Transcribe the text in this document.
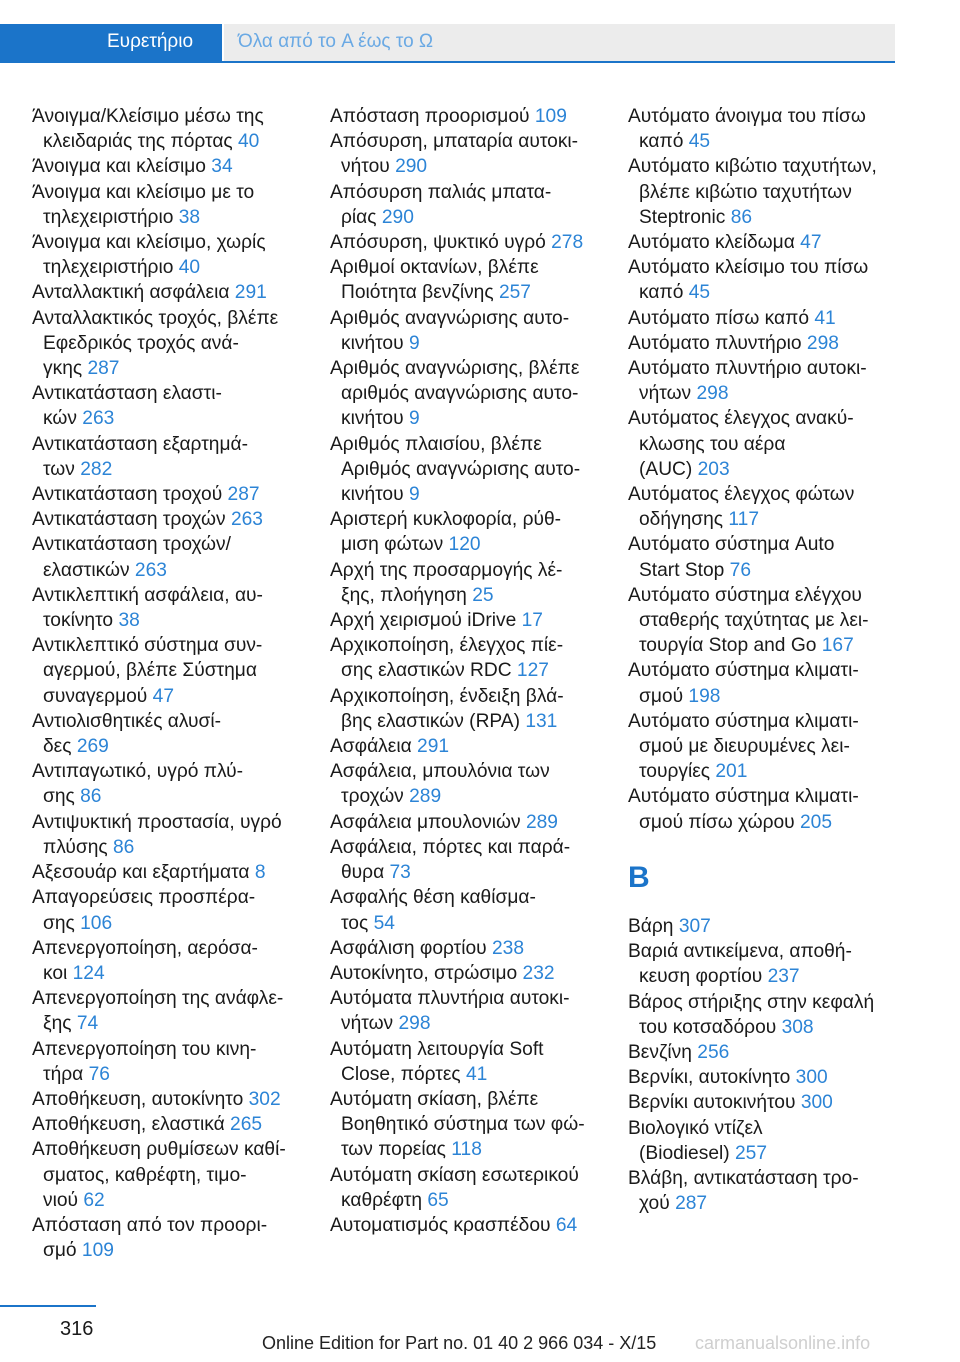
Ευρετήριο Όλα από το A έως το Ω
Άνοιγμα/Κλείσιμο μέσω της
κλειδαριάς της πόρτας 40
Άνοιγμα και κλείσιμο 34
Άνοιγμα και κλείσιμο με το
τηλεχειριστήριο 38
Άνοιγμα και κλείσιμο, χωρίς
τηλεχειριστήριο 40
Ανταλλακτική ασφάλεια 291
Ανταλλακτικός τροχός, βλέπε
Εφεδρικός τροχός ανά-
γκης 287
Αντικατάσταση ελαστι-
κών 263
Αντικατάσταση εξαρτημά-
των 282
Αντικατάσταση τροχού 287
Αντικατάσταση τροχών 263
Αντικατάσταση τροχών/
ελαστικών 263
Αντικλεπτική ασφάλεια, αυ-
τοκίνητο 38
Αντικλεπτικό σύστημα συν-
αγερμού, βλέπε Σύστημα
συναγερμού 47
Αντιολισθητικές αλυσί-
δες 269
Αντιπαγωτικό, υγρό πλύ-
σης 86
Αντιψυκτική προστασία, υγρό
πλύσης 86
Αξεσουάρ και εξαρτήματα 8
Απαγορεύσεις προσπέρα-
σης 106
Απενεργοποίηση, αερόσα-
κοι 124
Απενεργοποίηση της ανάφλε-
ξης 74
Απενεργοποίηση του κινη-
τήρα 76
Αποθήκευση, αυτοκίνητο 302
Αποθήκευση, ελαστικά 265
Αποθήκευση ρυθμίσεων καθί-
σματος, καθρέφτη, τιμο-
νιού 62
Απόσταση από τον προορι-
σμό 109
Απόσταση προορισμού 109
Απόσυρση, μπαταρία αυτοκι-
νήτου 290
Απόσυρση παλιάς μπατα-
ρίας 290
Απόσυρση, ψυκτικό υγρό 278
Αριθμοί οκτανίων, βλέπε
Ποιότητα βενζίνης 257
Αριθμός αναγνώρισης αυτο-
κινήτου 9
Αριθμός αναγνώρισης, βλέπε
αριθμός αναγνώρισης αυτο-
κινήτου 9
Αριθμός πλαισίου, βλέπε
Αριθμός αναγνώρισης αυτο-
κινήτου 9
Αριστερή κυκλοφορία, ρύθ-
μιση φώτων 120
Αρχή της προσαρμογής λέ-
ξης, πλοήγηση 25
Αρχή χειρισμού iDrive 17
Αρχικοποίηση, έλεγχος πίε-
σης ελαστικών RDC 127
Αρχικοποίηση, ένδειξη βλά-
βης ελαστικών (RPA) 131
Ασφάλεια 291
Ασφάλεια, μπουλόνια των
τροχών 289
Ασφάλεια μπουλονιών 289
Ασφάλεια, πόρτες και παρά-
θυρα 73
Ασφαλής θέση καθίσμα-
τος 54
Ασφάλιση φορτίου 238
Αυτοκίνητο, στρώσιμο 232
Αυτόματα πλυντήρια αυτοκι-
νήτων 298
Αυτόματη λειτουργία Soft
Close, πόρτες 41
Αυτόματη σκίαση, βλέπε
Βοηθητικό σύστημα των φώ-
των πορείας 118
Αυτόματη σκίαση εσωτερικού
καθρέφτη 65
Αυτοματισμός κρασπέδου 64
Αυτόματο άνοιγμα του πίσω
καπό 45
Αυτόματο κιβώτιο ταχυτήτων,
βλέπε κιβώτιο ταχυτήτων
Steptronic 86
Αυτόματο κλείδωμα 47
Αυτόματο κλείσιμο του πίσω
καπό 45
Αυτόματο πίσω καπό 41
Αυτόματο πλυντήριο 298
Αυτόματο πλυντήριο αυτοκι-
νήτων 298
Αυτόματος έλεγχος ανακύ-
κλωσης του αέρα
(AUC) 203
Αυτόματος έλεγχος φώτων
οδήγησης 117
Αυτόματο σύστημα Auto
Start Stop 76
Αυτόματο σύστημα ελέγχου
σταθερής ταχύτητας με λει-
τουργία Stop and Go 167
Αυτόματο σύστημα κλιματι-
σμού 198
Αυτόματο σύστημα κλιματι-
σμού με διευρυμένες λει-
τουργίες 201
Αυτόματο σύστημα κλιματι-
σμού πίσω χώρου 205
B
Βάρη 307
Βαριά αντικείμενα, αποθή-
κευση φορτίου 237
Βάρος στήριξης στην κεφαλή
του κοτσαδόρου 308
Βενζίνη 256
Βερνίκι, αυτοκίνητο 300
Βερνίκι αυτοκινήτου 300
Βιολογικό ντίζελ
(Biodiesel) 257
Βλάβη, αντικατάσταση τρο-
χού 287
316
Online Edition for Part no. 01 40 2 966 034 - X/15 carmanualsonline.info
